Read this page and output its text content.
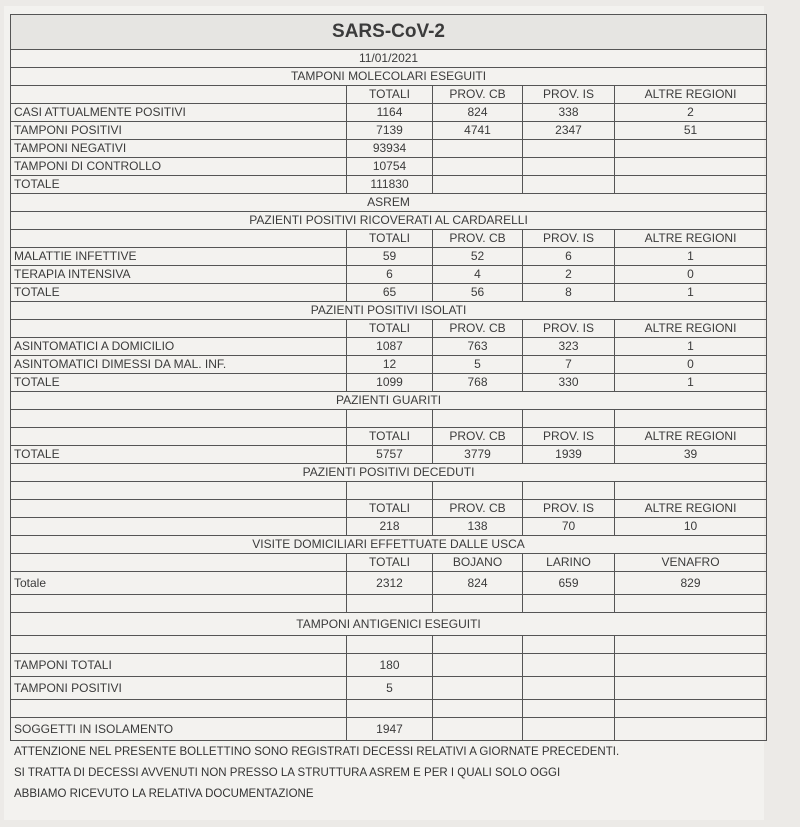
SARS-CoV-2				
11/01/2021				
TAMPONI MOLECOLARI ESEGUITI				
	TOTALI	PROV. CB	PROV. IS	ALTRE REGIONI
CASI ATTUALMENTE POSITIVI	1164	824	338	2
TAMPONI POSITIVI	7139	4741	2347	51
TAMPONI NEGATIVI	93934			
TAMPONI DI CONTROLLO	10754			
TOTALE	111830			
ASREM				
PAZIENTI POSITIVI RICOVERATI AL CARDARELLI				
	TOTALI	PROV. CB	PROV. IS	ALTRE REGIONI
MALATTIE INFETTIVE	59	52	6	1
TERAPIA INTENSIVA	6	4	2	0
TOTALE	65	56	8	1
PAZIENTI POSITIVI ISOLATI				
	TOTALI	PROV. CB	PROV. IS	ALTRE REGIONI
ASINTOMATICI A DOMICILIO	1087	763	323	1
ASINTOMATICI DIMESSI DA MAL. INF.	12	5	7	0
TOTALE	1099	768	330	1
PAZIENTI GUARITI				

	TOTALI	PROV. CB	PROV. IS	ALTRE REGIONI
TOTALE	5757	3779	1939	39
PAZIENTI POSITIVI DECEDUTI				

	TOTALI	PROV. CB	PROV. IS	ALTRE REGIONI
	218	138	70	10
VISITE DOMICILIARI EFFETTUATE DALLE USCA				
	TOTALI	BOJANO	LARINO	VENAFRO
Totale	2312	824	659	829

TAMPONI ANTIGENICI ESEGUITI				

TAMPONI TOTALI	180			
TAMPONI POSITIVI	5			

SOGGETTI IN ISOLAMENTO	1947			
ATTENZIONE NEL PRESENTE BOLLETTINO SONO REGISTRATI DECESSI RELATIVI A GIORNATE PRECEDENTI.
SI TRATTA DI DECESSI AVVENUTI NON PRESSO LA STRUTTURA ASREM E PER I QUALI SOLO OGGI
ABBIAMO RICEVUTO LA RELATIVA DOCUMENTAZIONE
